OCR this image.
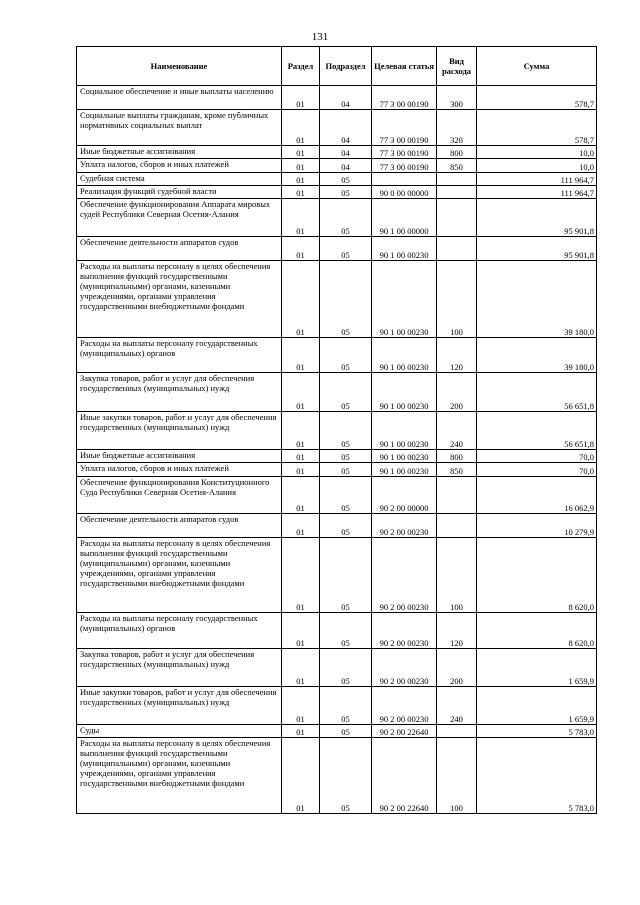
131
Наименование	Раздел	Подраздел	Целевая статья	Вид расхода	Сумма
Социальное обеспечение и иные выплаты населению	01	04	77 3 00 00190	300	578,7
Социальные выплаты гражданам, кроме публичных нормативных социальных выплат	01	04	77 3 00 00190	320	578,7
Иные бюджетные ассигнования	01	04	77 3 00 00190	800	10,0
Уплата налогов, сборов и иных платежей	01	04	77 3 00 00190	850	10,0
Судебная система	01	05			111 964,7
Реализация функций судебной власти	01	05	90 0 00 00000		111 964,7
Обеспечение функционирования Аппарата мировых судей Республики Северная Осетия-Алания	01	05	90 1 00 00000		95 901,8
Обеспечение деятельности аппаратов судов	01	05	90 1 00 00230		95 901,8
Расходы на выплаты персоналу в целях обеспечения выполнения функций государственными (муниципальными) органами, казенными учреждениями, органами управления государственными внебюджетными фондами	01	05	90 1 00 00230	100	39 180,0
Расходы на выплаты персоналу государственных (муниципальных) органов	01	05	90 1 00 00230	120	39 180,0
Закупка товаров, работ и услуг для обеспечения государственных (муниципальных) нужд	01	05	90 1 00 00230	200	56 651,8
Иные закупки товаров, работ и услуг для обеспечения государственных (муниципальных) нужд	01	05	90 1 00 00230	240	56 651,8
Иные бюджетные ассигнования	01	05	90 1 00 00230	800	70,0
Уплата налогов, сборов и иных платежей	01	05	90 1 00 00230	850	70,0
Обеспечение функционирования Конституционного Суда Республики Северная Осетия-Алания	01	05	90 2 00 00000		16 062,9
Обеспечение деятельности аппаратов судов	01	05	90 2 00 00230		10 279,9
Расходы на выплаты персоналу в целях обеспечения выполнения функций государственными (муниципальными) органами, казенными учреждениями, органами управления государственными внебюджетными фондами	01	05	90 2 00 00230	100	8 620,0
Расходы на выплаты персоналу государственных (муниципальных) органов	01	05	90 2 00 00230	120	8 620,0
Закупка товаров, работ и услуг для обеспечения государственных (муниципальных) нужд	01	05	90 2 00 00230	200	1 659,9
Иные закупки товаров, работ и услуг для обеспечения государственных (муниципальных) нужд	01	05	90 2 00 00230	240	1 659,9
Суды	01	05	90 2 00 22640		5 783,0
Расходы на выплаты персоналу в целях обеспечения выполнения функций государственными (муниципальными) органами, казенными учреждениями, органами управления государственными внебюджетными фондами	01	05	90 2 00 22640	100	5 783,0
